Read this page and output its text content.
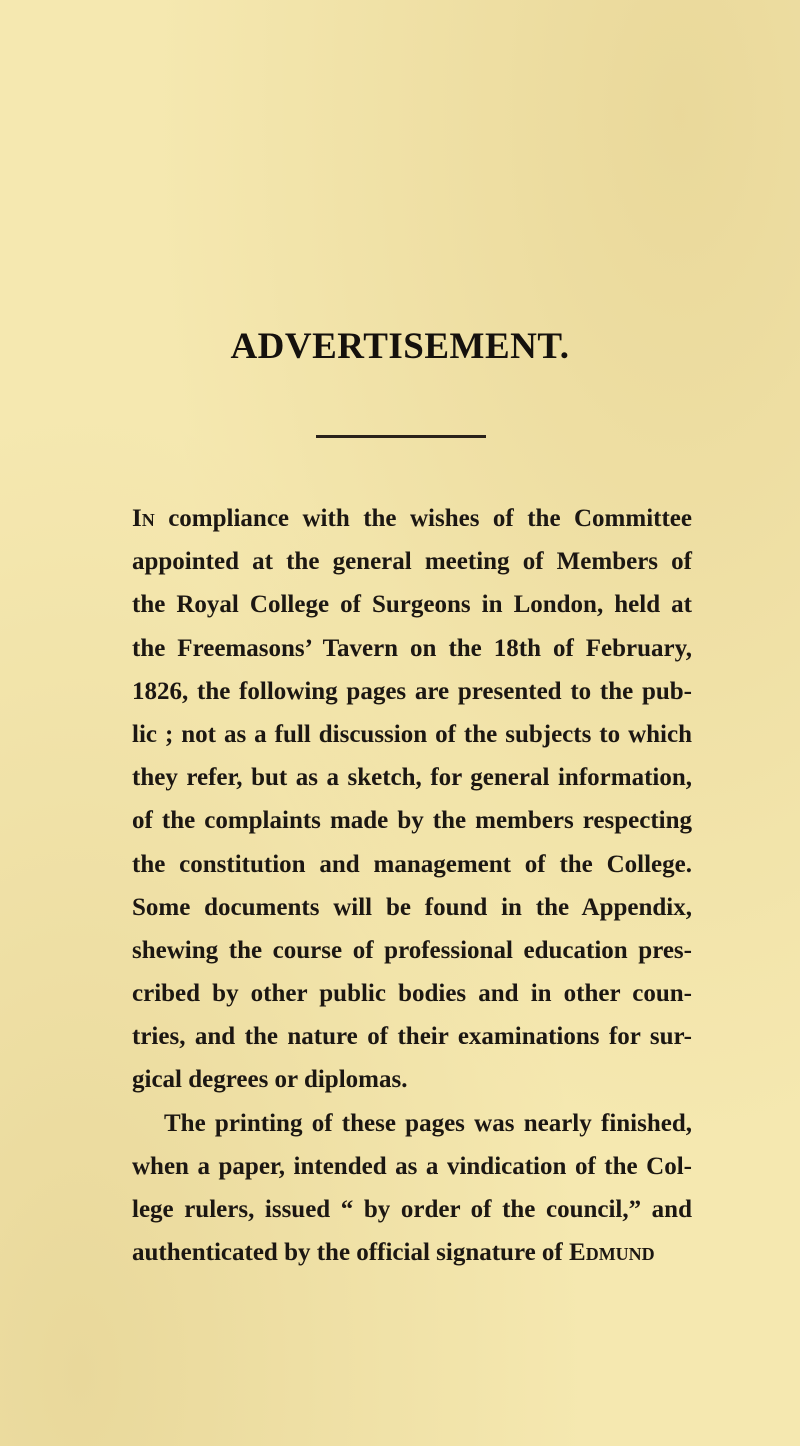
ADVERTISEMENT.
In compliance with the wishes of the Committee
appointed at the general meeting of Members of
the Royal College of Surgeons in London, held at
the Freemasons’ Tavern on the 18th of February,
1826, the following pages are presented to the pub-
lic ; not as a full discussion of the subjects to which
they refer, but as a sketch, for general information,
of the complaints made by the members respecting
the constitution and management of the College.
Some documents will be found in the Appendix,
shewing the course of professional education pres-
cribed by other public bodies and in other coun-
tries, and the nature of their examinations for sur-
gical degrees or diplomas.
The printing of these pages was nearly finished,
when a paper, intended as a vindication of the Col-
lege rulers, issued “ by order of the council,” and
authenticated by the official signature of Edmund
